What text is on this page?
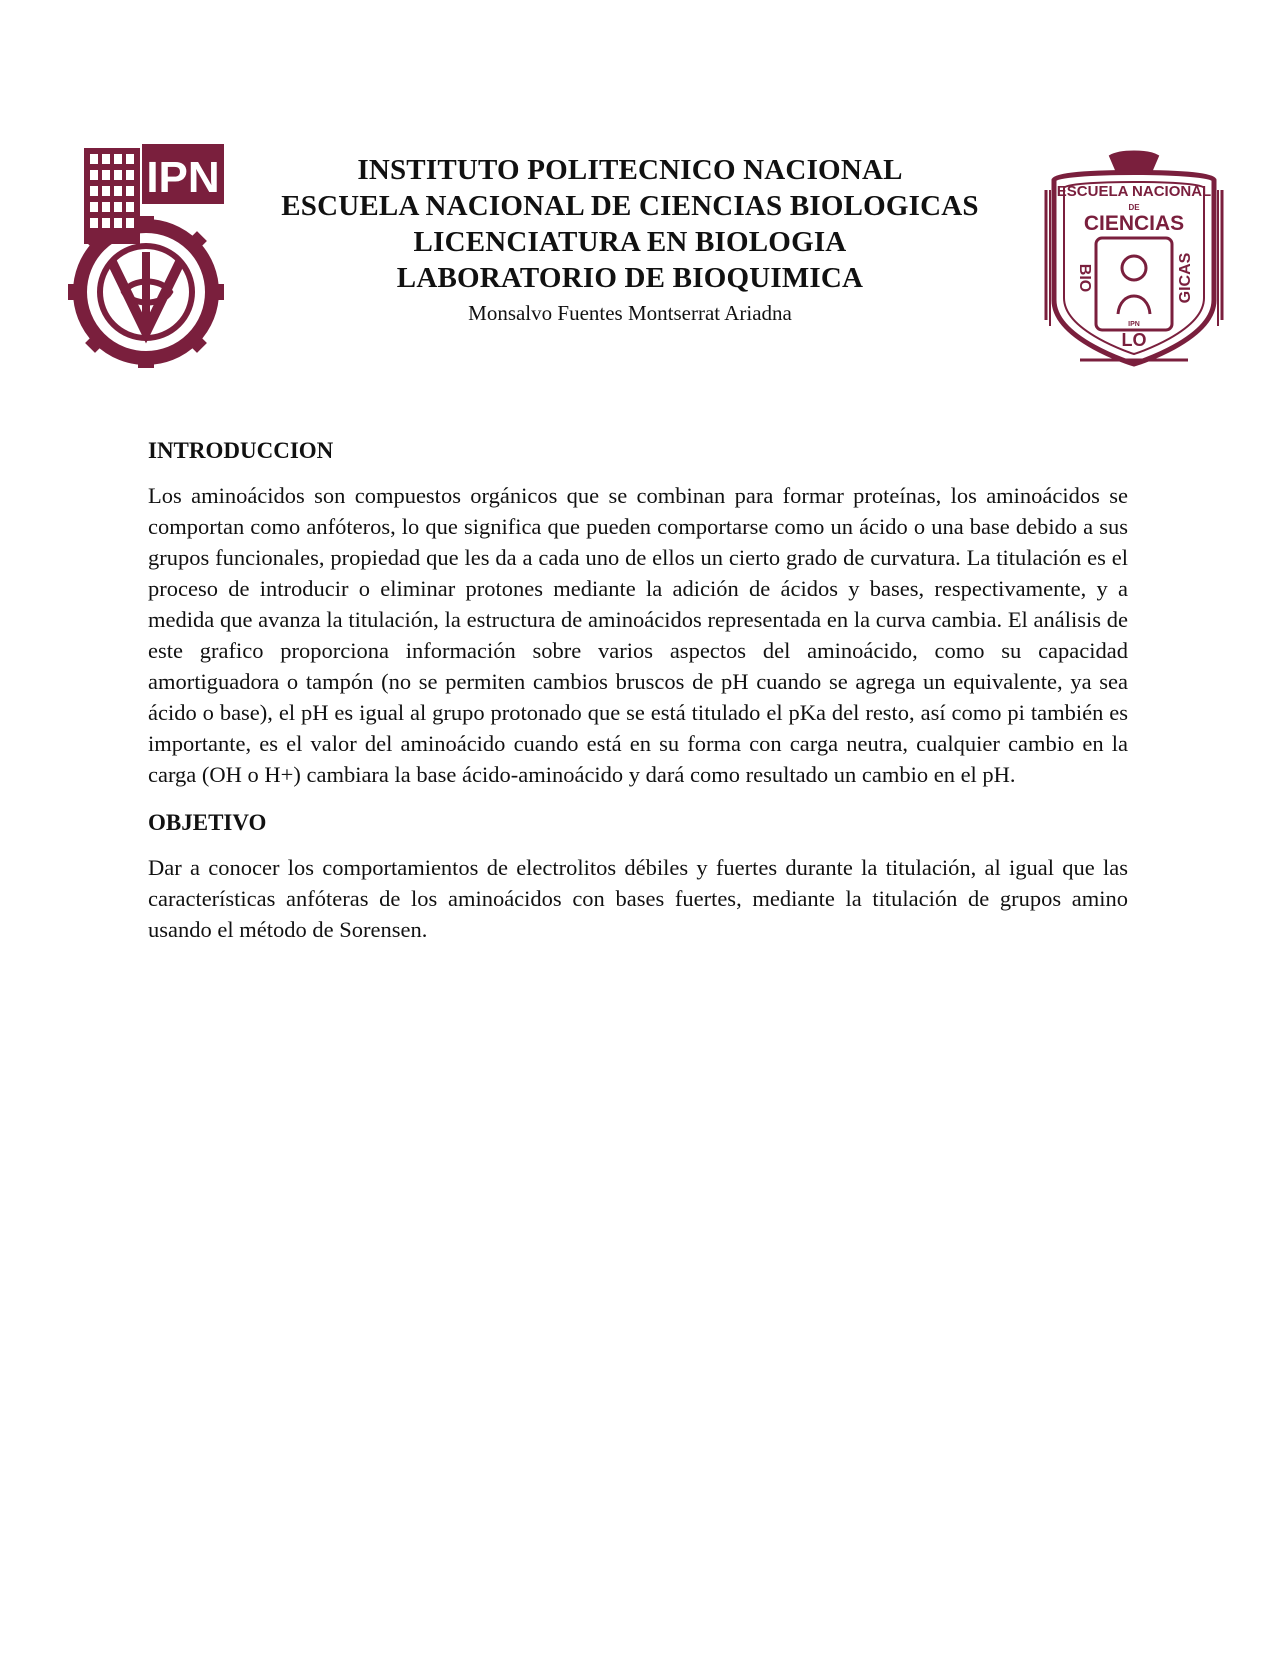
IPN	INSTITUTO POLITECNICO NACIONAL
ESCUELA NACIONAL DE CIENCIAS BIOLOGICAS
LICENCIATURA EN BIOLOGIA
LABORATORIO DE BIOQUIMICA
Monsalvo Fuentes Montserrat Ariadna
ESCUELA NACIONAL
DE
CIENCIAS
BIO	GICAS
LO
IPN
INTRODUCCION

Los aminoácidos son compuestos orgánicos que se combinan para formar proteínas, los aminoácidos se comportan como anfóteros, lo que significa que pueden comportarse como un ácido o una base debido a sus grupos funcionales, propiedad que les da a cada uno de ellos un cierto grado de curvatura. La titulación es el proceso de introducir o eliminar protones mediante la adición de ácidos y bases, respectivamente, y a medida que avanza la titulación, la estructura de aminoácidos representada en la curva cambia. El análisis de este grafico proporciona información sobre varios aspectos del aminoácido, como su capacidad amortiguadora o tampón (no se permiten cambios bruscos de pH cuando se agrega un equivalente, ya sea ácido o base), el pH es igual al grupo protonado que se está titulado el pKa del resto, así como pi también es importante, es el valor del aminoácido cuando está en su forma con carga neutra, cualquier cambio en la carga (OH o H+) cambiara la base ácido-aminoácido y dará como resultado un cambio en el pH.

OBJETIVO

Dar a conocer los comportamientos de electrolitos débiles y fuertes durante la titulación, al igual que las características anfóteras de los aminoácidos con bases fuertes, mediante la titulación de grupos amino usando el método de Sorensen.
